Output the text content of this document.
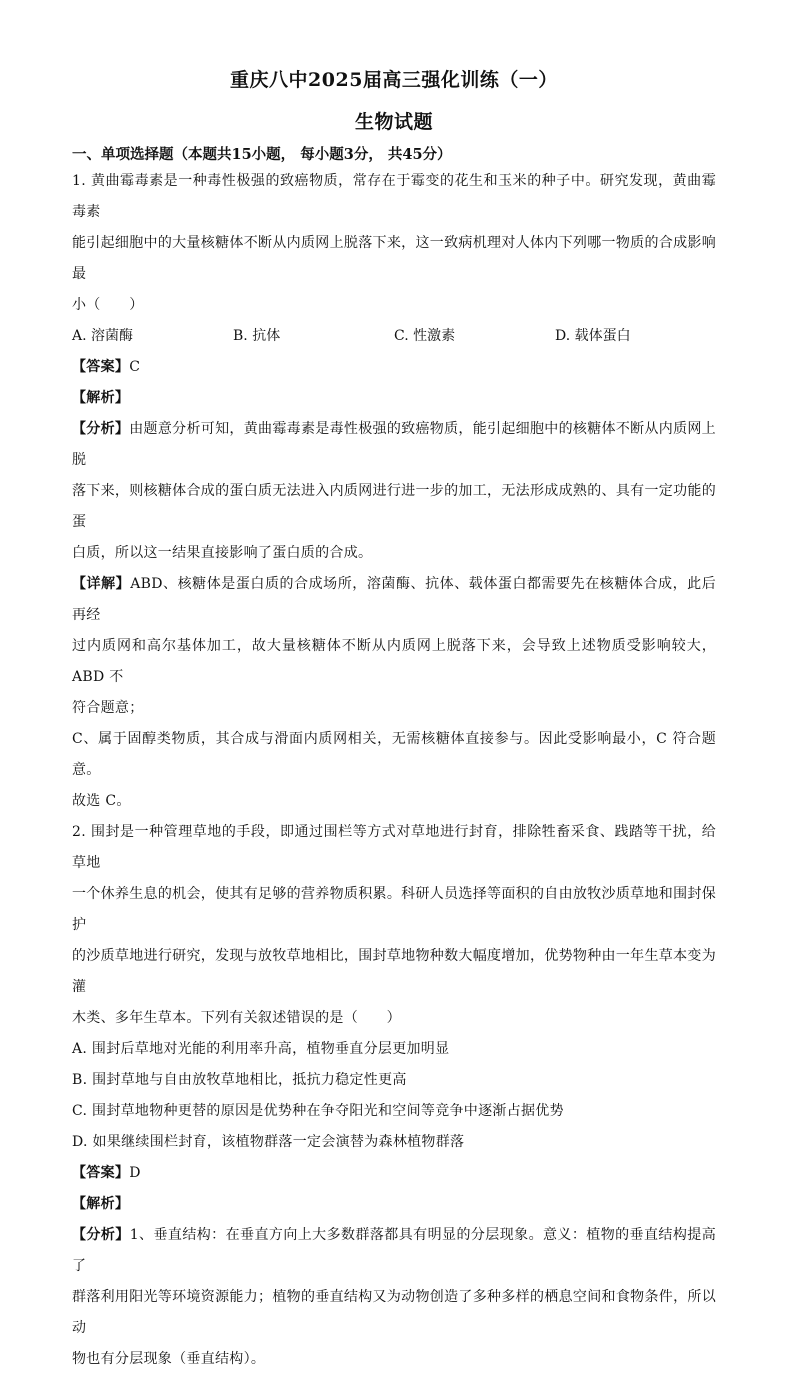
重庆八中2025届高三强化训练（一）
生物试题
一、单项选择题（本题共15小题， 每小题3分， 共45分）
1. 黄曲霉毒素是一种毒性极强的致癌物质，常存在于霉变的花生和玉米的种子中。研究发现，黄曲霉毒素
能引起细胞中的大量核糖体不断从内质网上脱落下来，这一致病机理对人体内下列哪一物质的合成影响最
小（　　）
A. 溶菌酶	B. 抗体	C. 性激素	D. 载体蛋白
【答案】C
【解析】
【分析】由题意分析可知，黄曲霉毒素是毒性极强的致癌物质，能引起细胞中的核糖体不断从内质网上脱
落下来，则核糖体合成的蛋白质无法进入内质网进行进一步的加工，无法形成成熟的、具有一定功能的蛋
白质，所以这一结果直接影响了蛋白质的合成。
【详解】ABD、核糖体是蛋白质的合成场所，溶菌酶、抗体、载体蛋白都需要先在核糖体合成，此后再经
过内质网和高尔基体加工，故大量核糖体不断从内质网上脱落下来，会导致上述物质受影响较大，ABD 不
符合题意；
C、属于固醇类物质，其合成与滑面内质网相关，无需核糖体直接参与。因此受影响最小，C 符合题意。
故选 C。
2. 围封是一种管理草地的手段，即通过围栏等方式对草地进行封育，排除牲畜采食、践踏等干扰，给草地
一个休养生息的机会，使其有足够的营养物质积累。科研人员选择等面积的自由放牧沙质草地和围封保护
的沙质草地进行研究，发现与放牧草地相比，围封草地物种数大幅度增加，优势物种由一年生草本变为灌
木类、多年生草本。下列有关叙述错误的是（　　）
A. 围封后草地对光能的利用率升高，植物垂直分层更加明显
B. 围封草地与自由放牧草地相比，抵抗力稳定性更高
C. 围封草地物种更替的原因是优势种在争夺阳光和空间等竞争中逐渐占据优势
D. 如果继续围栏封育，该植物群落一定会演替为森林植物群落
【答案】D
【解析】
【分析】1、垂直结构：在垂直方向上大多数群落都具有明显的分层现象。意义：植物的垂直结构提高了
群落利用阳光等环境资源能力；植物的垂直结构又为动物创造了多种多样的栖息空间和食物条件，所以动
物也有分层现象（垂直结构）。
